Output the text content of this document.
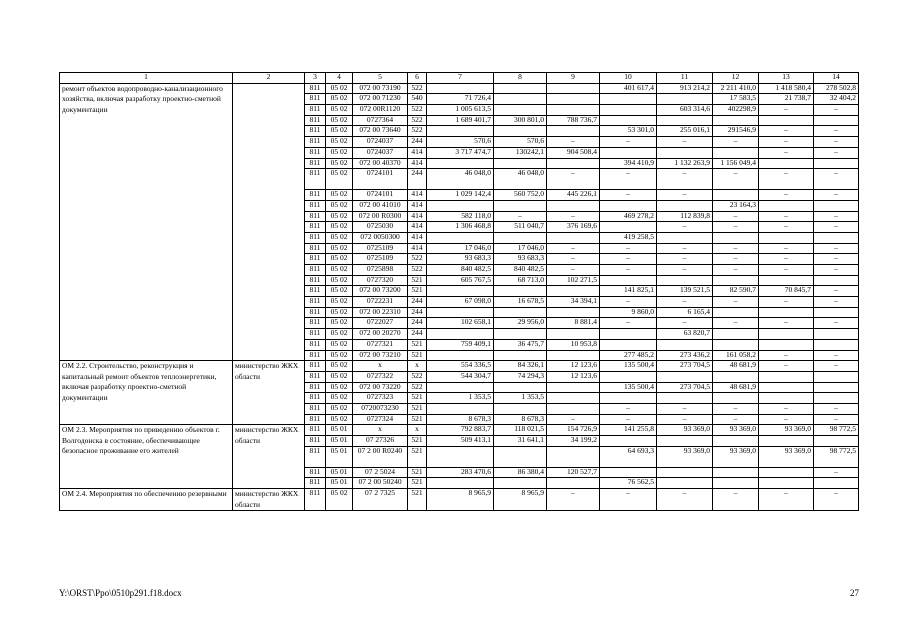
1	2	3	4	5	6	7	8	9	10	11	12	13	14
ремонт объектов водопроводно-канализационного хозяйства, включая разработку проектно-сметной документации		811	05 02	072 00 73190	522				401 617,4	913 214,2	2 211 410,0	1 418 580,4	278 502,8
		811	05 02	072 00 71230	540	71 726,4					17 583,5	21 738,7	32 404,2
		811	05 02	072 00R1120	522	1 005 613,5				603 314,6	402298,9	–	–
		811	05 02	0727364	522	1 689 401,7	300 801,0	788 736,7					
		811	05 02	072 00 73640	522				53 301,0	255 016,1	291546,9	–	–
		811	05 02	0724037	244	570,6	570,6	–	–	–	–	–	–
		811	05 02	0724037	414	3 717 474,7	130242,1	904 508,4				–	–
		811	05 02	072 00 40370	414				394 410,9	1 132 263,9	1 156 049,4		
		811	05 02	0724101	244	46 048,0	46 048,0	–	–	–	–	–	–
		811	05 02	0724101	414	1 029 142,4	560 752,0	445 226,1	–	–		–	–
		811	05 02	072 00 41010	414						23 164,3		
		811	05 02	072 00 R0300	414	582 118,0	–	–	469 278,2	112 839,8	–	–	–
		811	05 02	0725030	414	1 306 468,8	511 040,7	376 169,6		–	–	–	–
		811	05 02	072 0050300	414				419 258,5				
		811	05 02	0725109	414	17 046,0	17 046,0	–	–	–	–	–	–
		811	05 02	0725109	522	93 683,3	93 683,3	–	–	–	–	–	–
		811	05 02	0725898	522	840 482,5	840 482,5	–	–	–	–	–	–
		811	05 02	0727320	521	605 767,5	68 713,0	102 271,5					
		811	05 02	072 00 73200	521				141 825,1	139 521,5	82 590,7	70 845,7	–
		811	05 02	0722231	244	67 098,0	16 678,5	34 394,1	–	–	–	–	–
		811	05 02	072 00 22310	244				9 860,0	6 165,4			
		811	05 02	0722027	244	102 658,1	29 956,0	8 881,4	–	–	–	–	–
		811	05 02	072 00 20270	244					63 820,7			
		811	05 02	0727321	521	759 409,1	36 475,7	10 953,8					
		811	05 02	072 00 73210	521				277 485,2	273 436,2	161 058,2	–	–
ОМ 2.2. Строительство, реконструкция и капитальный ремонт объектов теплоэнергетики, включая разработку проектно-сметной документации	министерство ЖКХ области	811	05 02	x	x	554 336,5	84 326,1	12 123,6	135 500,4	273 704,5	48 681,9	–	–
		811	05 02	0727322	522	544 304,7	74 294,3	12 123,6					
		811	05 02	072 00 73220	522				135 500,4	273 704,5	48 681,9		
		811	05 02	0727323	521	1 353,5	1 353,5						
		811	05 02	0720073230	521				–	–	–	–	–
		811	05 02	0727324	521	8 678,3	8 678,3	–	–	–	–	–	–
ОМ 2.3. Мероприятия по приведению объектов г. Волгодонска в состояние, обеспечивающее безопасное проживание его жителей	министерство ЖКХ области	811	05 01	x	x	792 883,7	118 021,5	154 726,9	141 255,8	93 369,0	93 369,0	93 369,0	98 772,5
		811	05 01	07 27326	521	509 413,1	31 641,1	34 199,2					
		811	05 01	07 2 00 R0240	521				64 693,3	93 369,0	93 369,0	93 369,0	98 772,5
		811	05 01	07 2 5024	521	283 470,6	86 380,4	120 527,7					–
		811	05 01	07 2 00 50240	521				76 562,5				
ОМ 2.4. Мероприятия по обеспечению резервными	министерство ЖКХ области	811	05 02	07 2 7325	521	8 965,9	8 965,9	–	–	–	–	–	–
Y:\ORST\Ppo\0510p291.f18.docx	27
